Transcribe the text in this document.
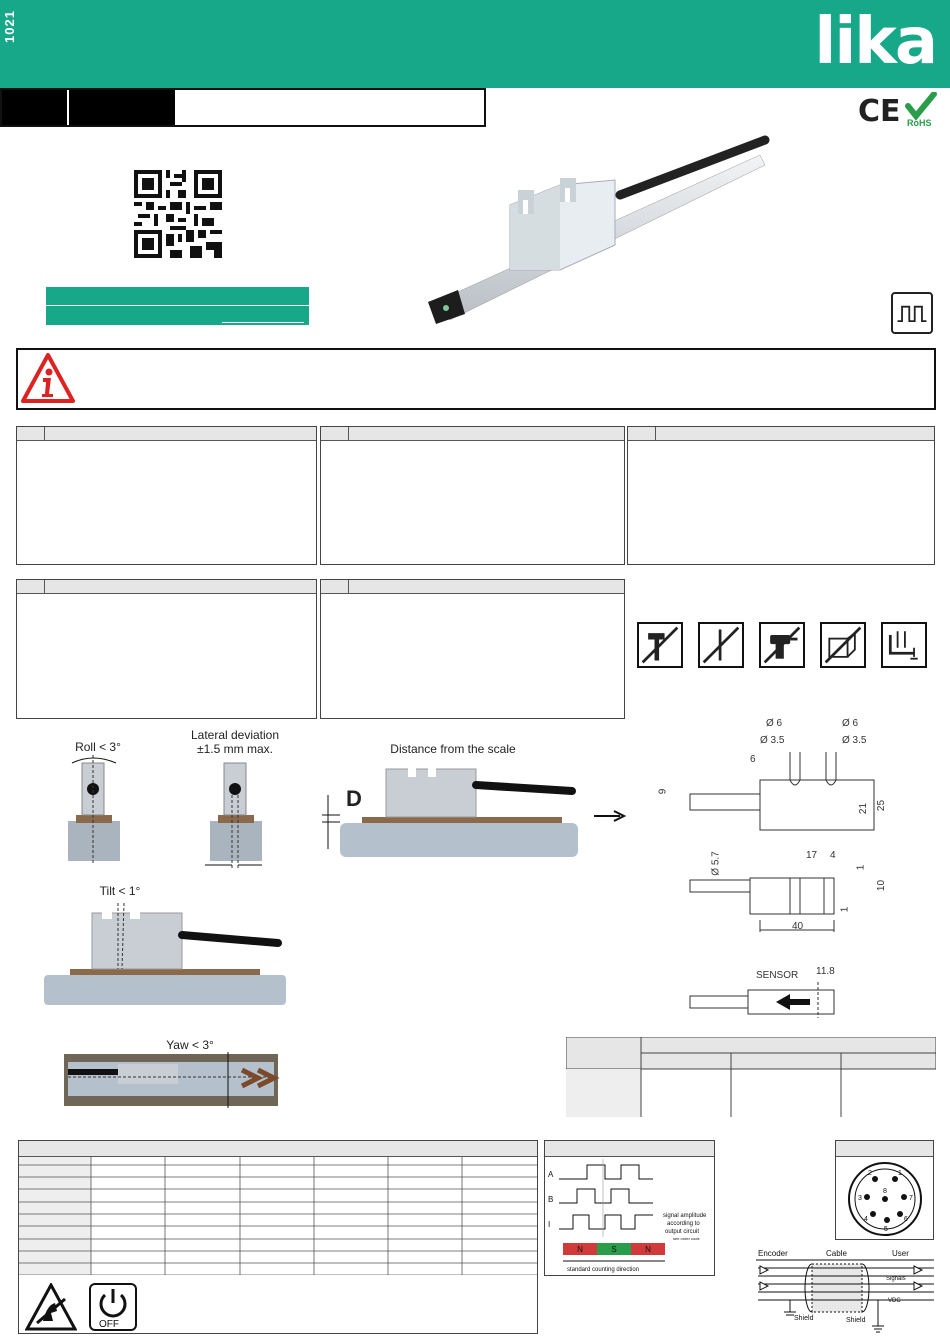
1021	lika
CE RoHS
Roll < 3°
Lateral deviation
±1.5 mm max.
Tilt < 1°
Yaw < 3°
Distance from the scale
D
Ø 6	Ø 6
Ø 3.5	Ø 3.5
6
9
21 25
Ø 5.7	17 4
1
10
1
40
SENSOR 11.8
OFF
A
B
I
signal amplitude
according to
output circuit
see order code
N	S	N
standard counting direction
1
2
3
4
5
6
7
8
Encoder	Cable	User
Signals
VDC
Shield	Shield
